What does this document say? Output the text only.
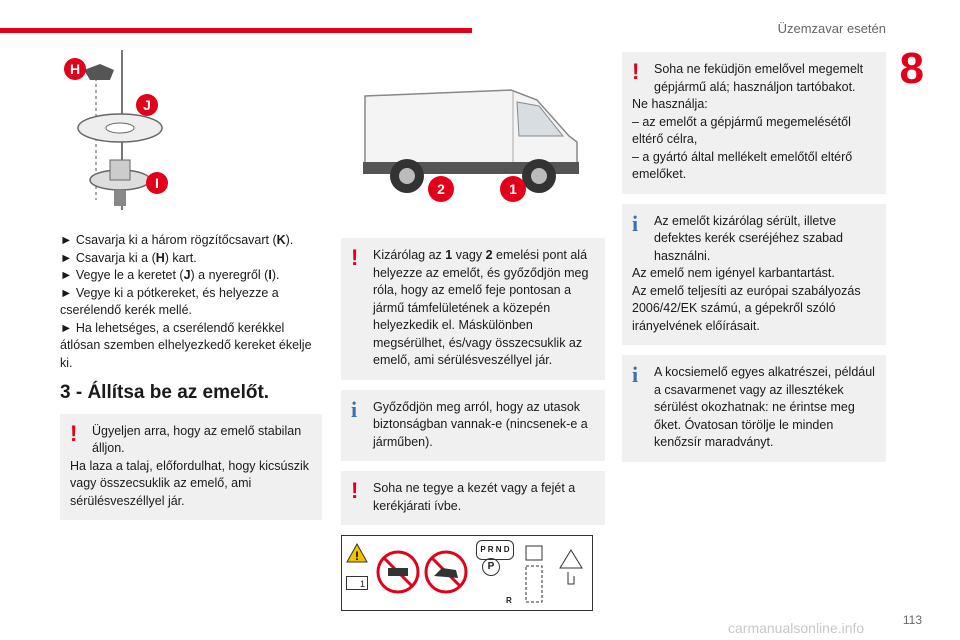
Üzemzavar esetén
8
113
carmanualsonline.info
H
J
I

► Csavarja ki a három rögzítőcsavart (K).

► Csavarja ki a (H) kart.

► Vegye le a keretet (J) a nyeregről (I).

► Vegye ki a pótkereket, és helyezze a cserélendő kerék mellé.

► Ha lehetséges, a cserélendő kerékkel átlósan szemben elhelyezkedő kereket ékelje ki.

3 - Állítsa be az emelőt.
!	Ügyeljen arra, hogy az emelő stabilan álljon.

Ha laza a talaj, előfordulhat, hogy kicsúszik vagy összecsuklik az emelő, ami sérülésveszéllyel jár.

2	1
!	Kizárólag az 1 vagy 2 emelési pont alá helyezze az emelőt, és győződjön meg róla, hogy az emelő feje pontosan a jármű támfelületének a közepén helyezkedik el. Máskülönben megsérülhet, és/vagy összecsuklik az emelő, ami sérülésveszéllyel jár.

i	Győződjön meg arról, hogy az utasok biztonságban vannak-e (nincsenek-e a járműben).
!	Soha ne tegye a kezét vagy a fejét a kerékjárati ívbe.
!
1
P R N D
P
R
!	Soha ne feküdjön emelővel megemelt gépjármű alá; használjon tartóbakot.

Ne használja:

– az emelőt a gépjármű megemelésétől eltérő célra,

– a gyártó által mellékelt emelőtől eltérő emelőket.

i	Az emelőt kizárólag sérült, illetve defektes kerék cseréjéhez szabad használni.

Az emelő nem igényel karbantartást.

Az emelő teljesíti az európai szabályozás 2006/42/EK számú, a gépekről szóló irányelvének előírásait.

i	A kocsiemelő egyes alkatrészei, például a csavarmenet vagy az illesztékek sérülést okozhatnak: ne érintse meg őket. Óvatosan törölje le minden kenőzsír maradványt.
